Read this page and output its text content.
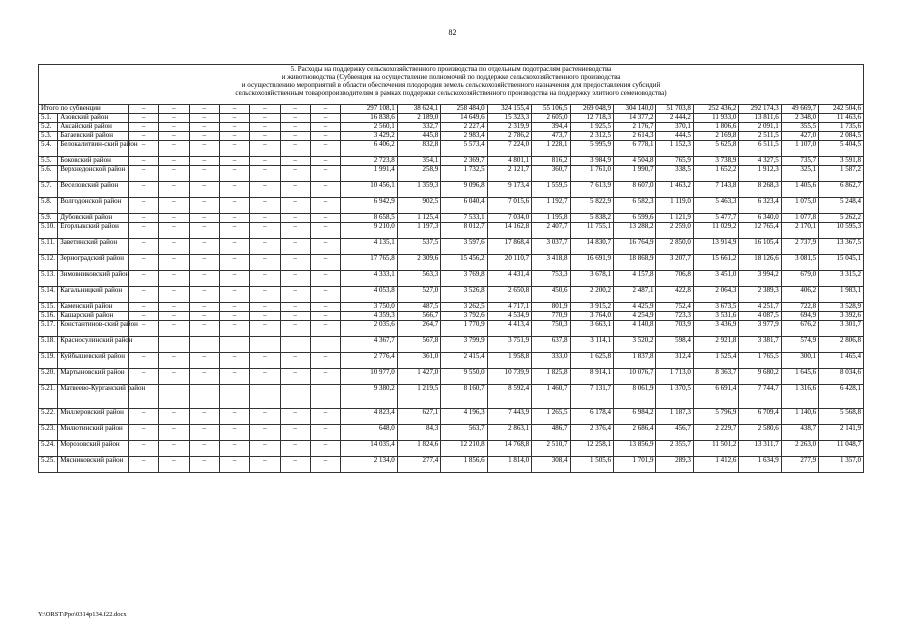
82
5. Расходы на поддержку сельскохозяйственного производства по отдельным подотраслям растениеводства
и животноводства (Субвенция на осуществление полномочий по поддержке сельскохозяйственного производства
и осуществлению мероприятий в области обеспечения плодородия земель сельскохозяйственного назначения для предоставления субсидий
сельскохозяйственным товаропроизводителям в рамках поддержки сельскохозяйственного производства на поддержку элитного семеноводства)																				

Итого по субвенции		–	–	–	–	–	–	–	297 108,1	38 624,1	258 484,0	324 155,4	55 106,5	269 048,9	304 140,0	51 703,8	252 436,2	292 174,3	49 669,7	242 504,6
5.1.	Азовский район	–	–	–	–	–	–	–	16 838,6	2 189,0	14 649,6	15 323,3	2 605,0	12 718,3	14 377,2	2 444,2	11 933,0	13 811,6	2 348,0	11 463,6
5.2.	Аксайский район	–	–	–	–	–	–	–	2 560,1	332,7	2 227,4	2 319,9	394,4	1 925,5	2 176,7	370,1	1 806,6	2 091,1	355,5	1 735,6
5.3.	Багаевский район	–	–	–	–	–	–	–	3 429,2	445,8	2 983,4	2 786,2	473,7	2 312,5	2 614,3	444,5	2 169,8	2 511,5	427,0	2 084,5
5.4.	Белокалитвин-ский район	–	–	–	–	–	–	–	6 406,2	832,8	5 573,4	7 224,0	1 228,1	5 995,9	6 778,1	1 152,3	5 625,8	6 511,5	1 107,0	5 404,5
5.5.	Боковский район	–	–	–	–	–	–	–	2 723,8	354,1	2 369,7	4 801,1	816,2	3 984,9	4 504,8	765,9	3 738,9	4 327,5	735,7	3 591,8
5.6.	Верхнедонской район	–	–	–	–	–	–	–	1 991,4	258,9	1 732,5	2 121,7	360,7	1 761,0	1 990,7	338,5	1 652,2	1 912,3	325,1	1 587,2
5.7.	Веселовский район	–	–	–	–	–	–	–	10 456,1	1 359,3	9 096,8	9 173,4	1 559,5	7 613,9	8 607,0	1 463,2	7 143,8	8 268,3	1 405,6	6 862,7
5.8.	Волгодонской район	–	–	–	–	–	–	–	6 942,9	902,5	6 040,4	7 015,6	1 192,7	5 822,9	6 582,3	1 119,0	5 463,3	6 323,4	1 075,0	5 248,4
5.9.	Дубовский район	–	–	–	–	–	–	–	8 658,5	1 125,4	7 533,1	7 034,0	1 195,8	5 838,2	6 599,6	1 121,9	5 477,7	6 340,0	1 077,8	5 262,2
5.10.	Егорлыкский район	–	–	–	–	–	–	–	9 210,0	1 197,3	8 012,7	14 162,8	2 407,7	11 755,1	13 288,2	2 259,0	11 029,2	12 765,4	2 170,1	10 595,3
5.11.	Заветинский район	–	–	–	–	–	–	–	4 135,1	537,5	3 597,6	17 868,4	3 037,7	14 830,7	16 764,9	2 850,0	13 914,9	16 105,4	2 737,9	13 367,5
5.12.	Зерноградский район	–	–	–	–	–	–	–	17 765,8	2 309,6	15 456,2	20 110,7	3 418,8	16 691,9	18 868,9	3 207,7	15 661,2	18 126,6	3 081,5	15 045,1
5.13.	Зимовниковский район	–	–	–	–	–	–	–	4 333,1	563,3	3 769,8	4 431,4	753,3	3 678,1	4 157,8	706,8	3 451,0	3 994,2	679,0	3 315,2
5.14.	Кагальницкий район	–	–	–	–	–	–	–	4 053,8	527,0	3 526,8	2 650,8	450,6	2 200,2	2 487,1	422,8	2 064,3	2 389,3	406,2	1 983,1
5.15.	Каменский район	–	–	–	–	–	–	–	3 750,0	487,5	3 262,5	4 717,1	801,9	3 915,2	4 425,9	752,4	3 673,5	4 251,7	722,8	3 528,9
5.16.	Кашарский район	–	–	–	–	–	–	–	4 359,3	566,7	3 792,6	4 534,9	770,9	3 764,0	4 254,9	723,3	3 531,6	4 087,5	694,9	3 392,6
5.17.	Константинов-ский район	–	–	–	–	–	–	–	2 035,6	264,7	1 770,9	4 413,4	750,3	3 663,1	4 140,8	703,9	3 436,9	3 977,9	676,2	3 301,7
5.18.	Красносулинский район								4 367,7	567,8	3 799,9	3 751,9	637,8	3 114,1	3 520,2	598,4	2 921,8	3 381,7	574,9	2 806,8
5.19.	Куйбышевский район	–	–	–	–	–	–	–	2 776,4	361,0	2 415,4	1 958,8	333,0	1 625,8	1 837,8	312,4	1 525,4	1 765,5	300,1	1 465,4
5.20.	Мартыновский район	–	–	–	–	–	–	–	10 977,0	1 427,0	9 550,0	10 739,9	1 825,8	8 914,1	10 076,7	1 713,0	8 363,7	9 680,2	1 645,6	8 034,6
5.21.	Матвеево-Курганский район								9 380,2	1 219,5	8 160,7	8 592,4	1 460,7	7 131,7	8 061,9	1 370,5	6 691,4	7 744,7	1 316,6	6 428,1
5.22.	Миллеровский район	–	–	–	–	–	–	–	4 823,4	627,1	4 196,3	7 443,9	1 265,5	6 178,4	6 984,2	1 187,3	5 796,9	6 709,4	1 140,6	5 568,8
5.23.	Милютинский район	–	–	–	–	–	–	–	648,0	84,3	563,7	2 863,1	486,7	2 376,4	2 686,4	456,7	2 229,7	2 580,6	438,7	2 141,9
5.24.	Морозовский район	–	–	–	–	–	–	–	14 035,4	1 824,6	12 210,8	14 768,8	2 510,7	12 258,1	13 856,9	2 355,7	11 501,2	13 311,7	2 263,0	11 048,7
5.25.	Мясниковский район	–	–	–	–	–	–	–	2 134,0	277,4	1 856,6	1 814,0	308,4	1 505,6	1 701,9	289,3	1 412,6	1 634,9	277,9	1 357,0
Y:\ORST\Ppo\0314p134.f22.docx
